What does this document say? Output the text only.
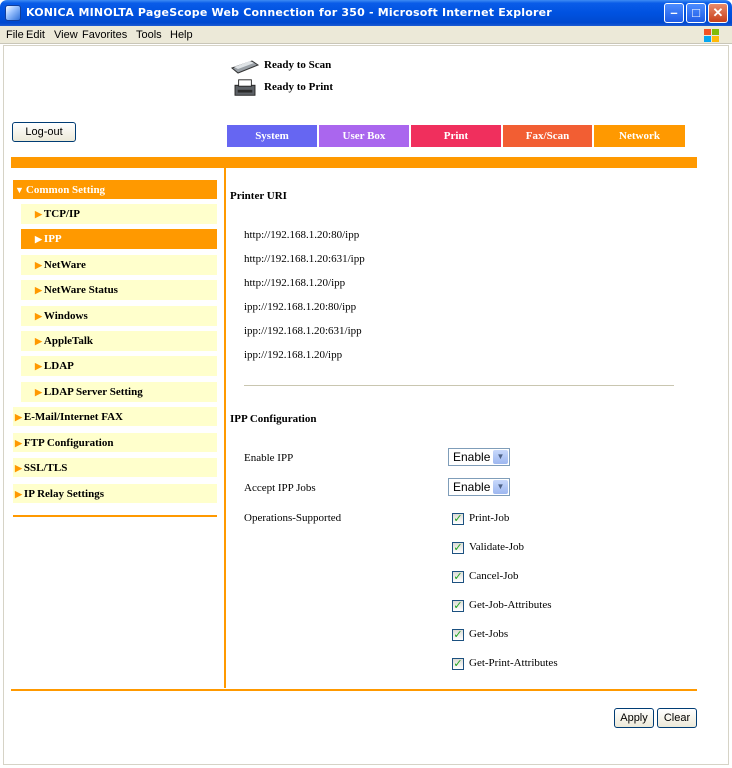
KONICA MINOLTA PageScope Web Connection for 350 - Microsoft Internet Explorer	–	□ ✕
File Edit View Favorites Tools Help
Ready to Scan
Ready to Print
Log-out	System	User Box	Print	Fax/Scan	Network
▼ Common Setting
▶ TCP/IP
▶ IPP
▶ NetWare
▶ NetWare Status
▶ Windows
▶ AppleTalk
▶ LDAP
▶ LDAP Server Setting
▶ E-Mail/Internet FAX
▶ FTP Configuration
▶ SSL/TLS
▶ IP Relay Settings
Printer URI
http://192.168.1.20:80/ipp
http://192.168.1.20:631/ipp
http://192.168.1.20/ipp
ipp://192.168.1.20:80/ipp
ipp://192.168.1.20:631/ipp
ipp://192.168.1.20/ipp
IPP Configuration
Enable IPP	Enable ▼
Accept IPP Jobs	Enable ▼
Operations-Supported	✓ Print-Job
✓ Validate-Job
✓ Cancel-Job
✓ Get-Job-Attributes
✓ Get-Jobs
✓ Get-Print-Attributes
Apply	Clear
